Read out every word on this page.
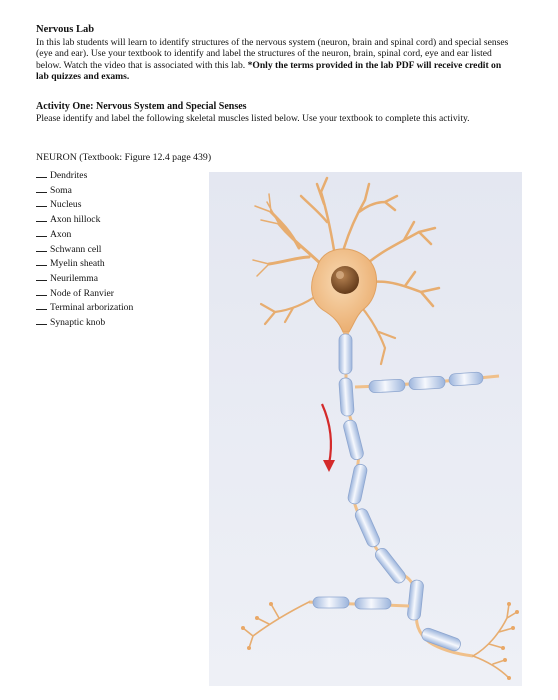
Nervous Lab
In this lab students will learn to identify structures of the nervous system (neuron, brain and spinal cord) and special senses (eye and ear). Use your textbook to identify and label the structures of the neuron, brain, spinal cord, eye and ear listed below. Watch the video that is associated with this lab. *Only the terms provided in the lab PDF will receive credit on lab quizzes and exams.
Activity One: Nervous System and Special Senses
Please identify and label the following skeletal muscles listed below. Use your textbook to complete this activity.
NEURON (Textbook: Figure 12.4 page 439)
Dendrites
Soma
Nucleus
Axon hillock
Axon
Schwann cell
Myelin sheath
Neurilemma
Node of Ranvier
Terminal arborization
Synaptic knob
